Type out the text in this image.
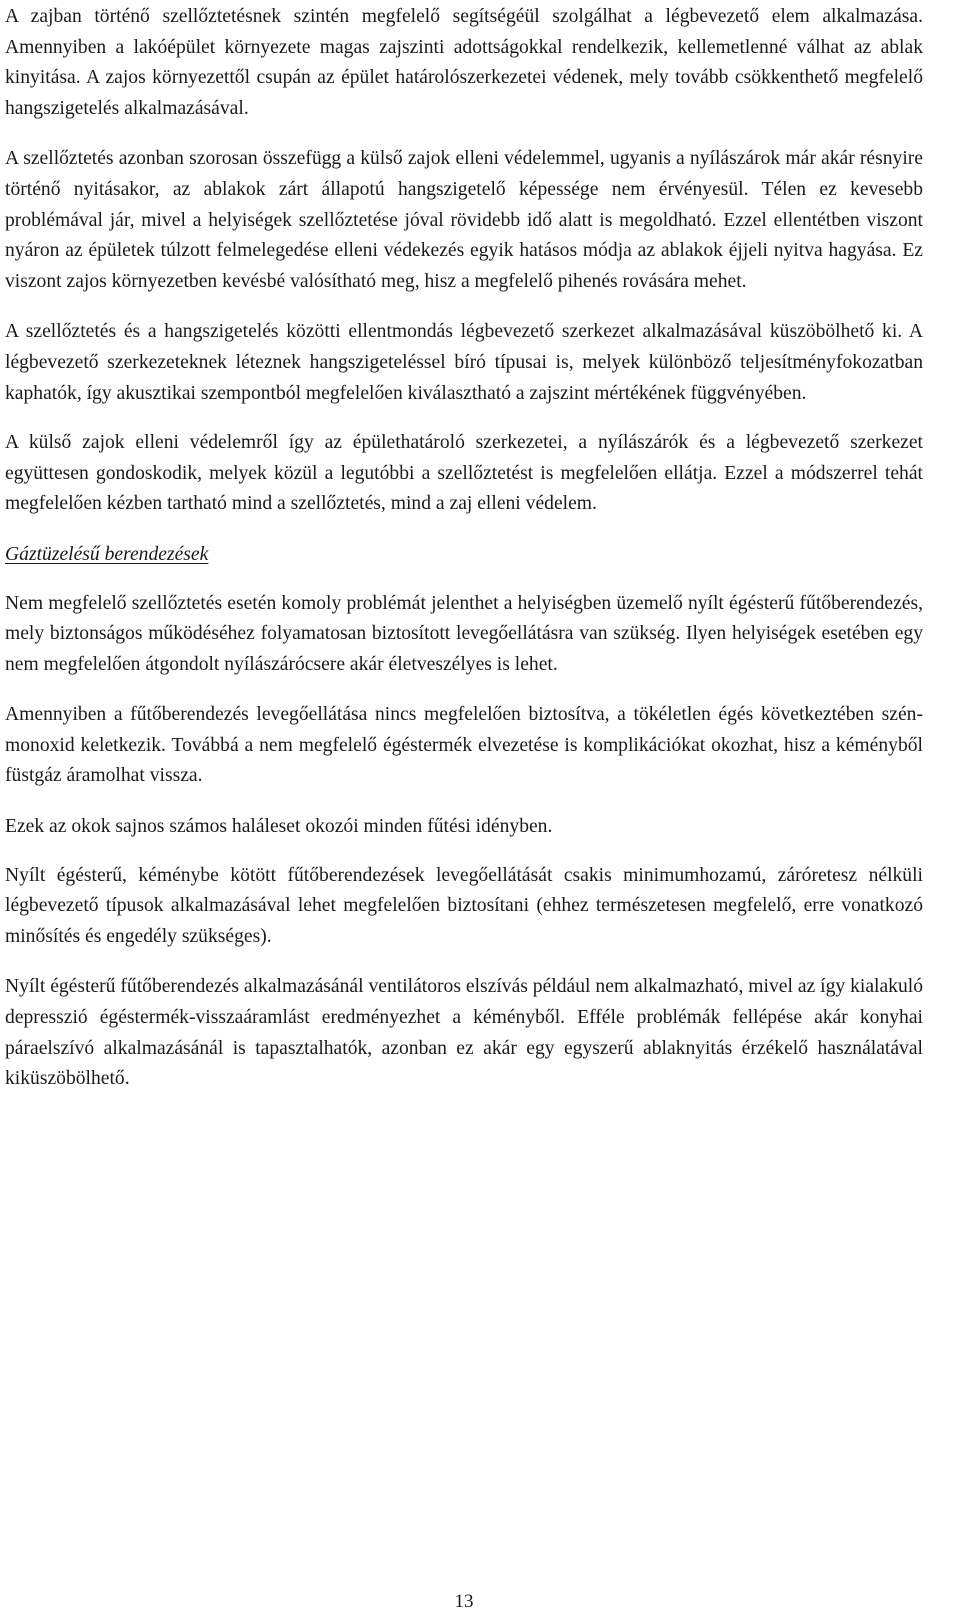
A zajban történő szellőztetésnek szintén megfelelő segítségéül szolgálhat a légbevezető elem alkalmazása. Amennyiben a lakóépület környezete magas zajszinti adottságokkal rendelkezik, kellemetlenné válhat az ablak kinyitása. A zajos környezettől csupán az épület határolószerkezetei védenek, mely tovább csökkenthető megfelelő hangszigetelés alkalmazásával.

A szellőztetés azonban szorosan összefügg a külső zajok elleni védelemmel, ugyanis a nyílászárok már akár résnyire történő nyitásakor, az ablakok zárt állapotú hangszigetelő képessége nem érvényesül. Télen ez kevesebb problémával jár, mivel a helyiségek szellőztetése jóval rövidebb idő alatt is megoldható. Ezzel ellentétben viszont nyáron az épületek túlzott felmelegedése elleni védekezés egyik hatásos módja az ablakok éjjeli nyitva hagyása. Ez viszont zajos környezetben kevésbé valósítható meg, hisz a megfelelő pihenés rovására mehet.

A szellőztetés és a hangszigetelés közötti ellentmondás légbevezető szerkezet alkalmazásával küszöbölhető ki. A légbevezető szerkezeteknek léteznek hangszigeteléssel bíró típusai is, melyek különböző teljesítményfokozatban kaphatók, így akusztikai szempontból megfelelően kiválasztható a zajszint mértékének függvényében.

A külső zajok elleni védelemről így az épülethatároló szerkezetei, a nyílászárók és a légbevezető szerkezet együttesen gondoskodik, melyek közül a legutóbbi a szellőztetést is megfelelően ellátja. Ezzel a módszerrel tehát megfelelően kézben tartható mind a szellőztetés, mind a zaj elleni védelem.

Gáztüzelésű berendezések

Nem megfelelő szellőztetés esetén komoly problémát jelenthet a helyiségben üzemelő nyílt égésterű fűtőberendezés, mely biztonságos működéséhez folyamatosan biztosított levegőellátásra van szükség. Ilyen helyiségek esetében egy nem megfelelően átgondolt nyílászárócsere akár életveszélyes is lehet.

Amennyiben a fűtőberendezés levegőellátása nincs megfelelően biztosítva, a tökéletlen égés következtében szén-monoxid keletkezik. Továbbá a nem megfelelő égéstermék elvezetése is komplikációkat okozhat, hisz a kéményből füstgáz áramolhat vissza.

Ezek az okok sajnos számos haláleset okozói minden fűtési idényben.

Nyílt égésterű, kéménybe kötött fűtőberendezések levegőellátását csakis minimumhozamú, záróretesz nélküli légbevezető típusok alkalmazásával lehet megfelelően biztosítani (ehhez természetesen megfelelő, erre vonatkozó minősítés és engedély szükséges).

Nyílt égésterű fűtőberendezés alkalmazásánál ventilátoros elszívás például nem alkalmazható, mivel az így kialakuló depresszió égéstermék-visszaáramlást eredményezhet a kéményből. Efféle problémák fellépése akár konyhai páraelszívó alkalmazásánál is tapasztalhatók, azonban ez akár egy egyszerű ablaknyitás érzékelő használatával kiküszöbölhető.

13
